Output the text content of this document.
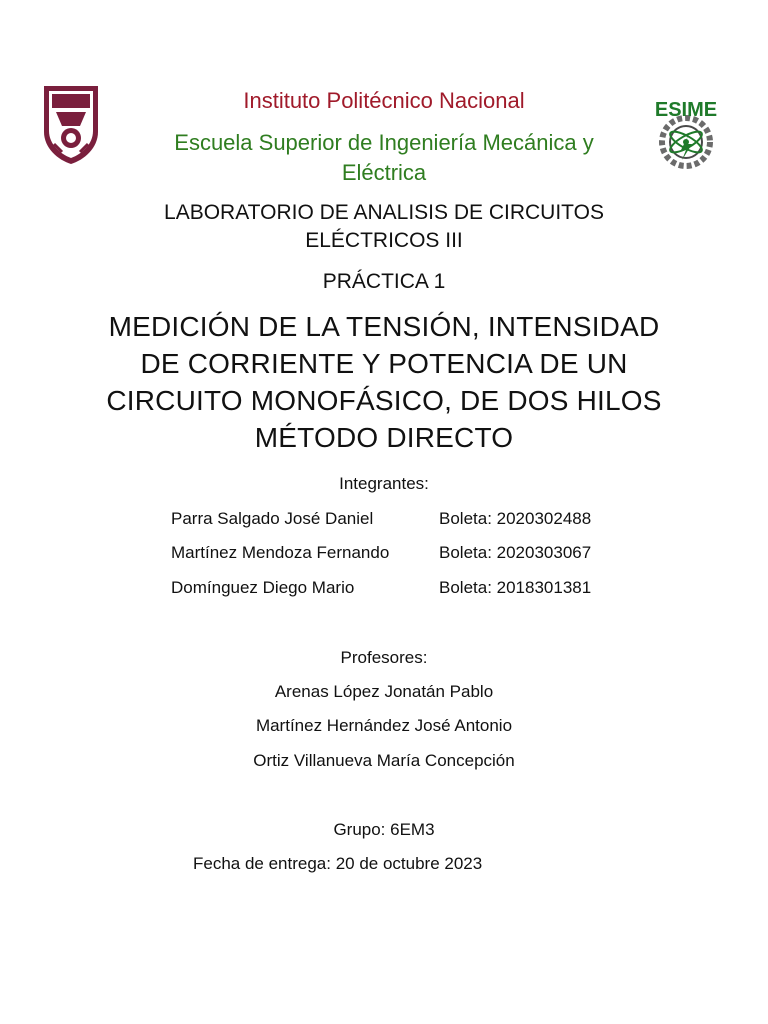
ESIME
Instituto Politécnico Nacional
Escuela Superior de Ingeniería Mecánica y
Eléctrica
LABORATORIO DE ANALISIS DE CIRCUITOS
ELÉCTRICOS III
PRÁCTICA 1
MEDICIÓN DE LA TENSIÓN, INTENSIDAD
DE CORRIENTE Y POTENCIA DE UN
CIRCUITO MONOFÁSICO, DE DOS HILOS
MÉTODO DIRECTO
Integrantes:
Parra Salgado José Daniel	Boleta: 2020302488
Martínez Mendoza Fernando	Boleta: 2020303067
Domínguez Diego Mario	Boleta: 2018301381
Profesores:
Arenas López Jonatán Pablo
Martínez Hernández José Antonio
Ortiz Villanueva María Concepción
Grupo: 6EM3
Fecha de entrega: 20 de octubre 2023
